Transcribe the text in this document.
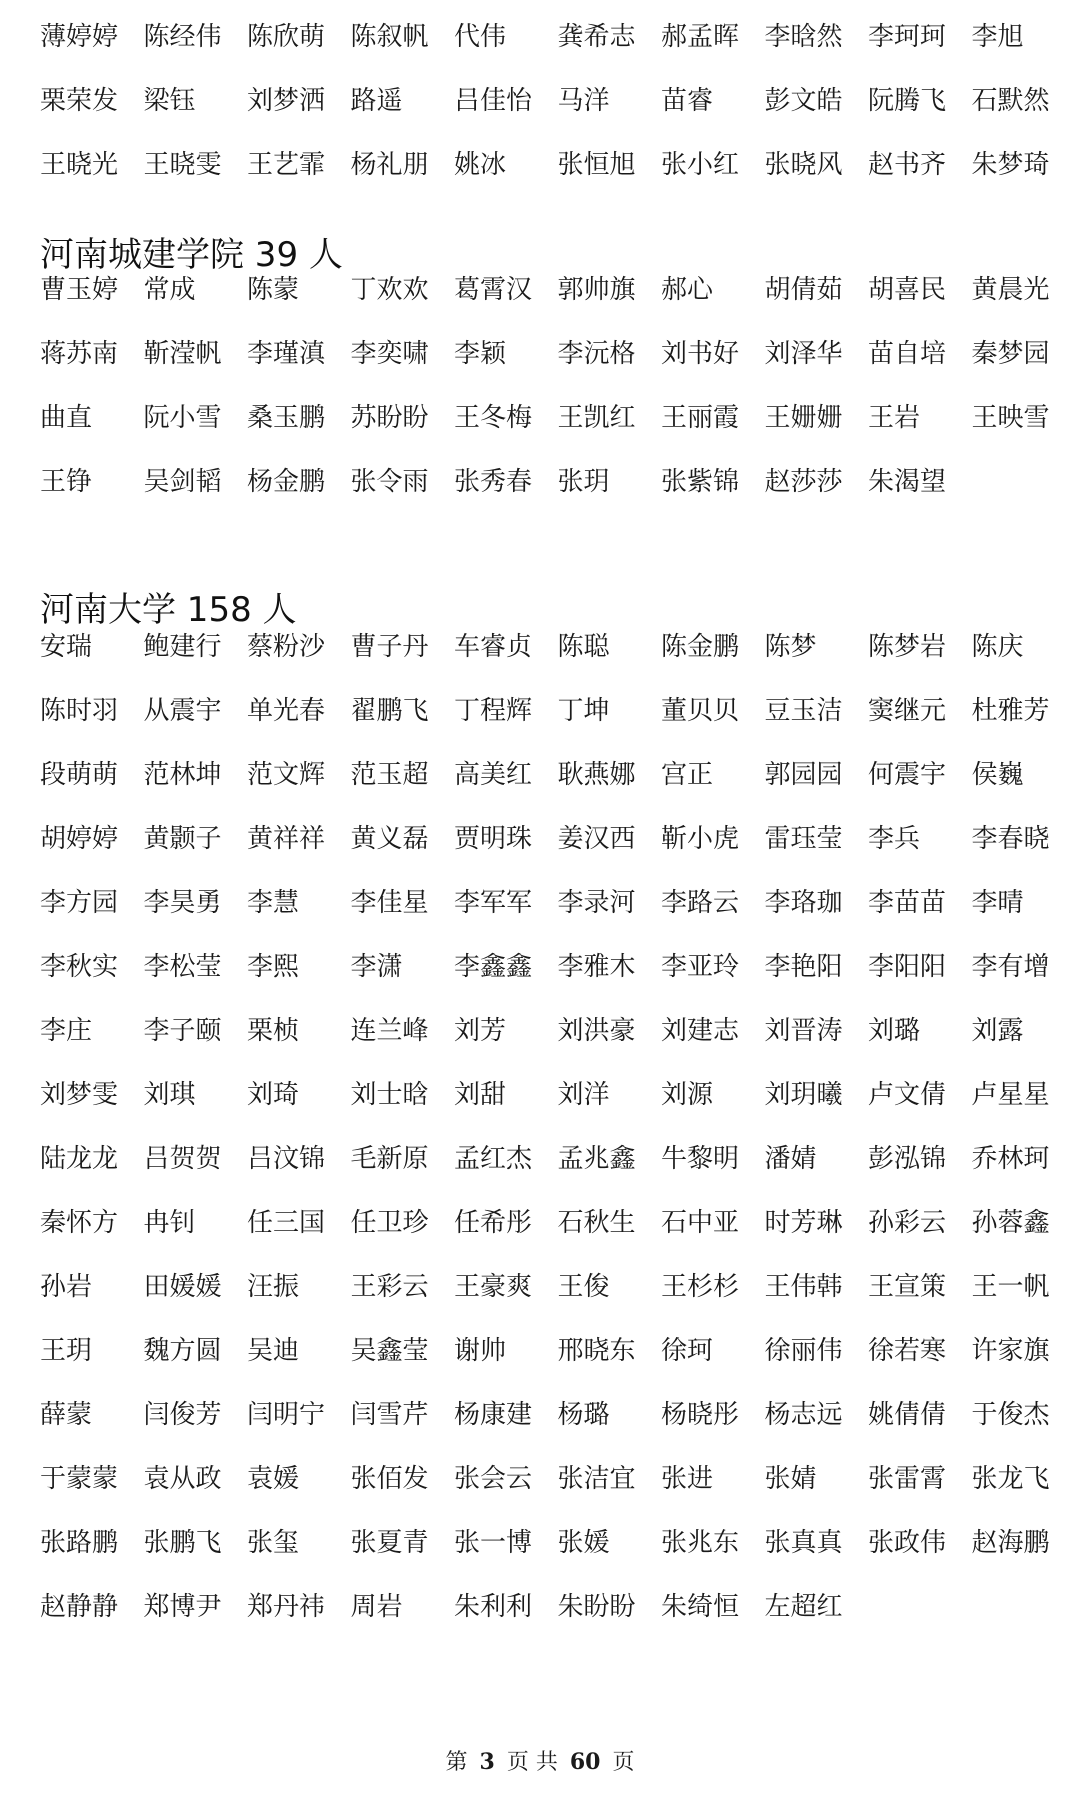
薄婷婷 陈经伟 陈欣萌 陈叙帆 代伟	龚希志 郝孟晖 李晗然 李珂珂 李旭
栗荣发 梁钰	刘梦洒 路遥	吕佳怡 马洋	苗睿	彭文皓 阮腾飞 石默然
王晓光 王晓雯 王艺霏 杨礼朋 姚冰	张恒旭 张小红 张晓风 赵书齐 朱梦琦
河南城建学院 39 人
曹玉婷 常成	陈蒙	丁欢欢 葛霄汉 郭帅旗 郝心	胡倩茹 胡喜民 黄晨光
蒋苏南 靳滢帆 李瑾滇 李奕啸 李颖	李沅格 刘书好 刘泽华 苗自培 秦梦园
曲直	阮小雪 桑玉鹏 苏盼盼 王冬梅 王凯红 王丽霞 王姗姗 王岩	王映雪
王铮	吴剑韬 杨金鹏 张令雨 张秀春 张玥	张紫锦 赵莎莎 朱渴望
河南大学 158 人
安瑞	鲍建行 蔡粉沙 曹子丹 车睿贞 陈聪	陈金鹏 陈梦	陈梦岩 陈庆
陈时羽 从震宇 单光春 翟鹏飞 丁程辉 丁坤	董贝贝 豆玉洁 窦继元 杜雅芳
段萌萌 范林坤 范文辉 范玉超 高美红 耿燕娜 宫正	郭园园 何震宇 侯巍
胡婷婷 黄颢子 黄祥祥 黄义磊 贾明珠 姜汉西 靳小虎 雷珏莹 李兵	李春晓
李方园 李昊勇 李慧	李佳星 李军军 李录河 李路云 李珞珈 李苗苗 李晴
李秋实 李松莹 李熙	李潇	李鑫鑫 李雅木 李亚玲 李艳阳 李阳阳 李有增
李庄	李子颐 栗桢	连兰峰 刘芳	刘洪豪 刘建志 刘晋涛 刘璐	刘露
刘梦雯 刘琪	刘琦	刘士晗 刘甜	刘洋	刘源	刘玥曦 卢文倩 卢星星
陆龙龙 吕贺贺 吕汶锦 毛新原 孟红杰 孟兆鑫 牛黎明 潘婧	彭泓锦 乔林珂
秦怀方 冉钊	任三国 任卫珍 任希彤 石秋生 石中亚 时芳琳 孙彩云 孙蓉鑫
孙岩	田媛媛 汪振	王彩云 王豪爽 王俊	王杉杉 王伟韩 王宣策 王一帆
王玥	魏方圆 吴迪	吴鑫莹 谢帅	邢晓东 徐珂	徐丽伟 徐若寒 许家旗
薛蒙	闫俊芳 闫明宁 闫雪芹 杨康建 杨璐	杨晓彤 杨志远 姚倩倩 于俊杰
于蒙蒙 袁从政 袁媛	张佰发 张会云 张洁宜 张进	张婧	张雷霄 张龙飞
张路鹏 张鹏飞 张玺	张夏青 张一博 张媛	张兆东 张真真 张政伟 赵海鹏
赵静静 郑博尹 郑丹祎 周岩	朱利利 朱盼盼 朱绮恒 左超红
第 3 页 共 60 页
